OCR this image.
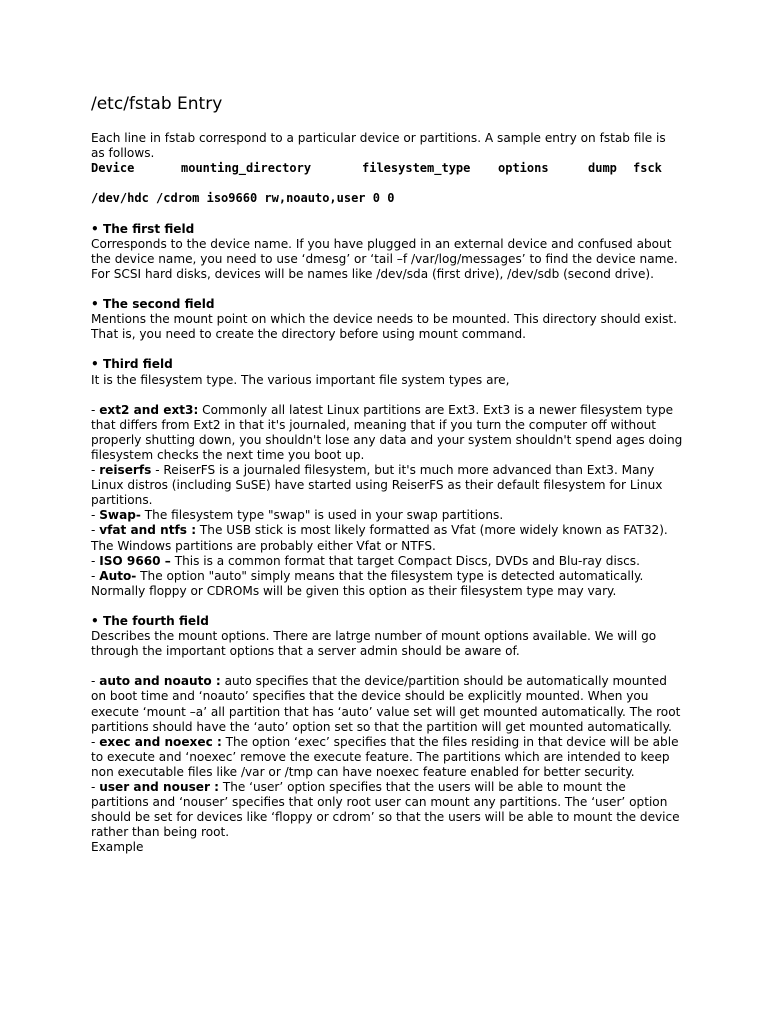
/etc/fstab Entry

Each line in fstab correspond to a particular device or partitions. A sample entry on fstab file is as follows.

Device	mounting_directory	filesystem_type	options	dump	fsck

/dev/hdc /cdrom iso9660 rw,noauto,user 0 0

• The first field

Corresponds to the device name. If you have plugged in an external device and confused about the device name, you need to use ‘dmesg’ or ‘tail –f /var/log/messages’ to find the device name. For SCSI hard disks, devices will be names like /dev/sda (first drive), /dev/sdb (second drive).

• The second field

Mentions the mount point on which the device needs to be mounted. This directory should exist. That is, you need to create the directory before using mount command.

• Third field

It is the filesystem type. The various important file system types are,

- ext2 and ext3: Commonly all latest Linux partitions are Ext3. Ext3 is a newer filesystem type that differs from Ext2 in that it's journaled, meaning that if you turn the computer off without properly shutting down, you shouldn't lose any data and your system shouldn't spend ages doing filesystem checks the next time you boot up.

- reiserfs - ReiserFS is a journaled filesystem, but it's much more advanced than Ext3. Many Linux distros (including SuSE) have started using ReiserFS as their default filesystem for Linux partitions.

- Swap- The filesystem type "swap" is used in your swap partitions.

- vfat and ntfs : The USB stick is most likely formatted as Vfat (more widely known as FAT32). The Windows partitions are probably either Vfat or NTFS.

- ISO 9660 – This is a common format that target Compact Discs, DVDs and Blu-ray discs.

- Auto- The option "auto" simply means that the filesystem type is detected automatically. Normally floppy or CDROMs will be given this option as their filesystem type may vary.

• The fourth field

Describes the mount options. There are latrge number of mount options available. We will go through the important options that a server admin should be aware of.

- auto and noauto : auto specifies that the device/partition should be automatically mounted on boot time and ‘noauto’ specifies that the device should be explicitly mounted. When you execute ‘mount –a’ all partition that has ‘auto’ value set will get mounted automatically. The root partitions should have the ‘auto’ option set so that the partition will get mounted automatically.

- exec and noexec : The option ‘exec’ specifies that the files residing in that device will be able to execute and ‘noexec’ remove the execute feature. The partitions which are intended to keep non executable files like /var or /tmp can have noexec feature enabled for better security.

- user and nouser : The ‘user’ option specifies that the users will be able to mount the partitions and ‘nouser’ specifies that only root user can mount any partitions. The ‘user’ option should be set for devices like ‘floppy or cdrom’ so that the users will be able to mount the device rather than being root.

Example
